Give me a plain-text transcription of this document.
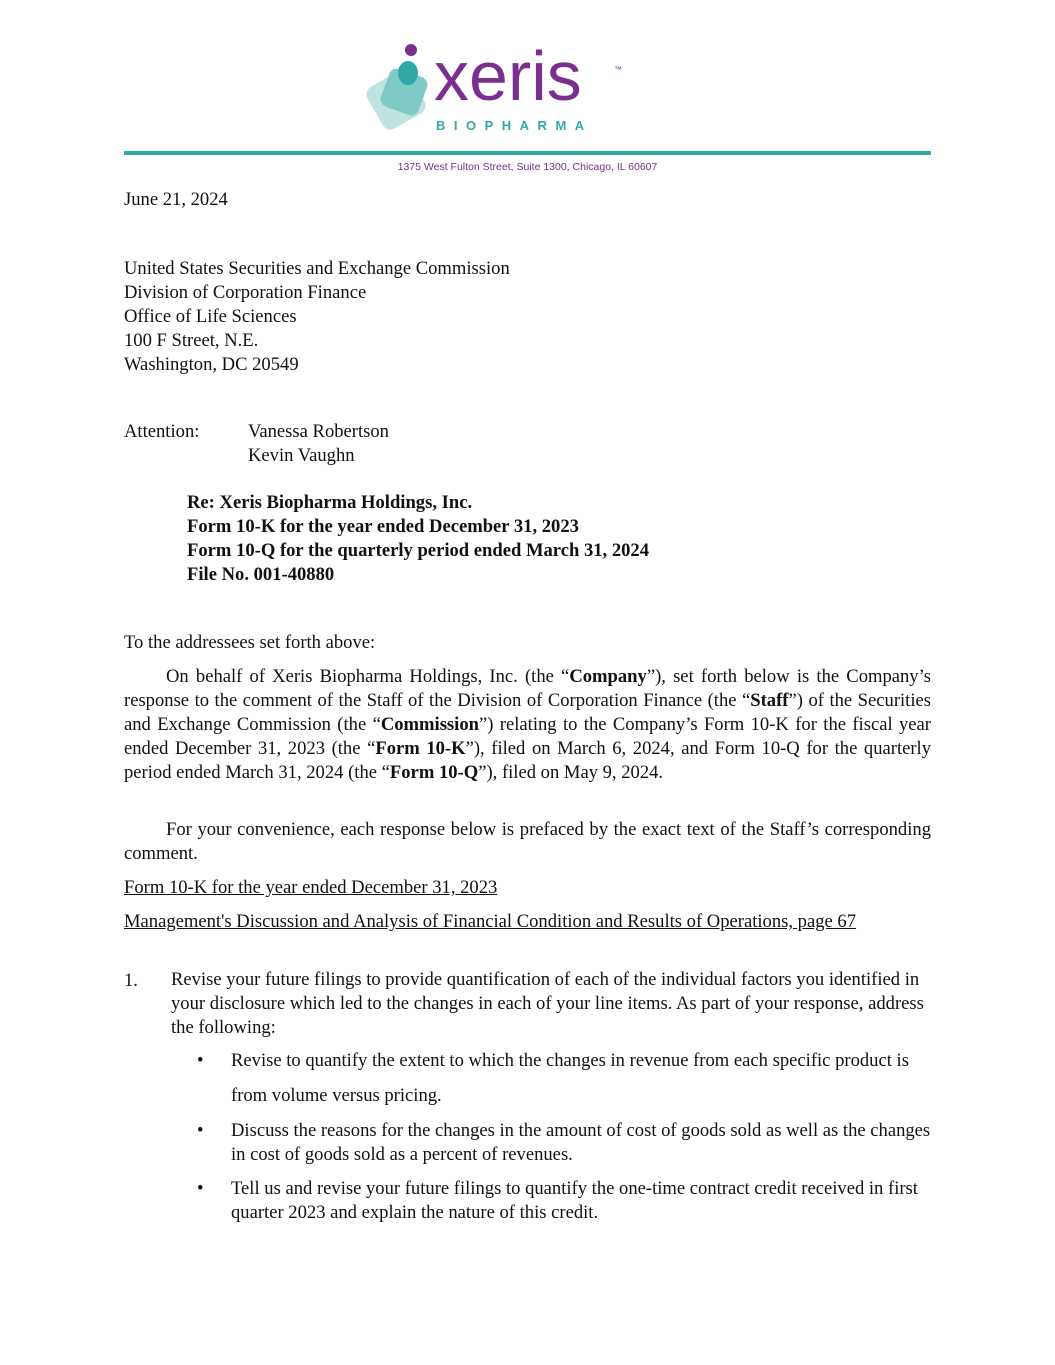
xeris	™
BIOPHARMA
1375 West Fulton Street, Suite 1300, Chicago, IL 60607
June 21, 2024
United States Securities and Exchange Commission
Division of Corporation Finance
Office of Life Sciences
100 F Street, N.E.
Washington, DC 20549
Attention:	Vanessa Robertson
Kevin Vaughn
Re: Xeris Biopharma Holdings, Inc.
Form 10-K for the year ended December 31, 2023
Form 10-Q for the quarterly period ended March 31, 2024
File No. 001-40880
To the addressees set forth above:
On behalf of Xeris Biopharma Holdings, Inc. (the “Company”), set forth below is the Company’s response to the comment of the Staff of the Division of Corporation Finance (the “Staff”) of the Securities and Exchange Commission (the “Commission”) relating to the Company’s Form 10-K for the fiscal year ended December 31, 2023 (the “Form 10-K”), filed on March 6, 2024, and Form 10-Q for the quarterly period ended March 31, 2024 (the “Form 10-Q”), filed on May 9, 2024.
For your convenience, each response below is prefaced by the exact text of the Staff’s corresponding comment.
Form 10-K for the year ended December 31, 2023
Management's Discussion and Analysis of Financial Condition and Results of Operations, page 67
1. Revise your future filings to provide quantification of each of the individual factors you identified in your disclosure which led to the changes in each of your line items. As part of your response, address the following:
• Revise to quantify the extent to which the changes in revenue from each specific product is from volume versus pricing.
• Discuss the reasons for the changes in the amount of cost of goods sold as well as the changes in cost of goods sold as a percent of revenues.
• Tell us and revise your future filings to quantify the one-time contract credit received in first quarter 2023 and explain the nature of this credit.
